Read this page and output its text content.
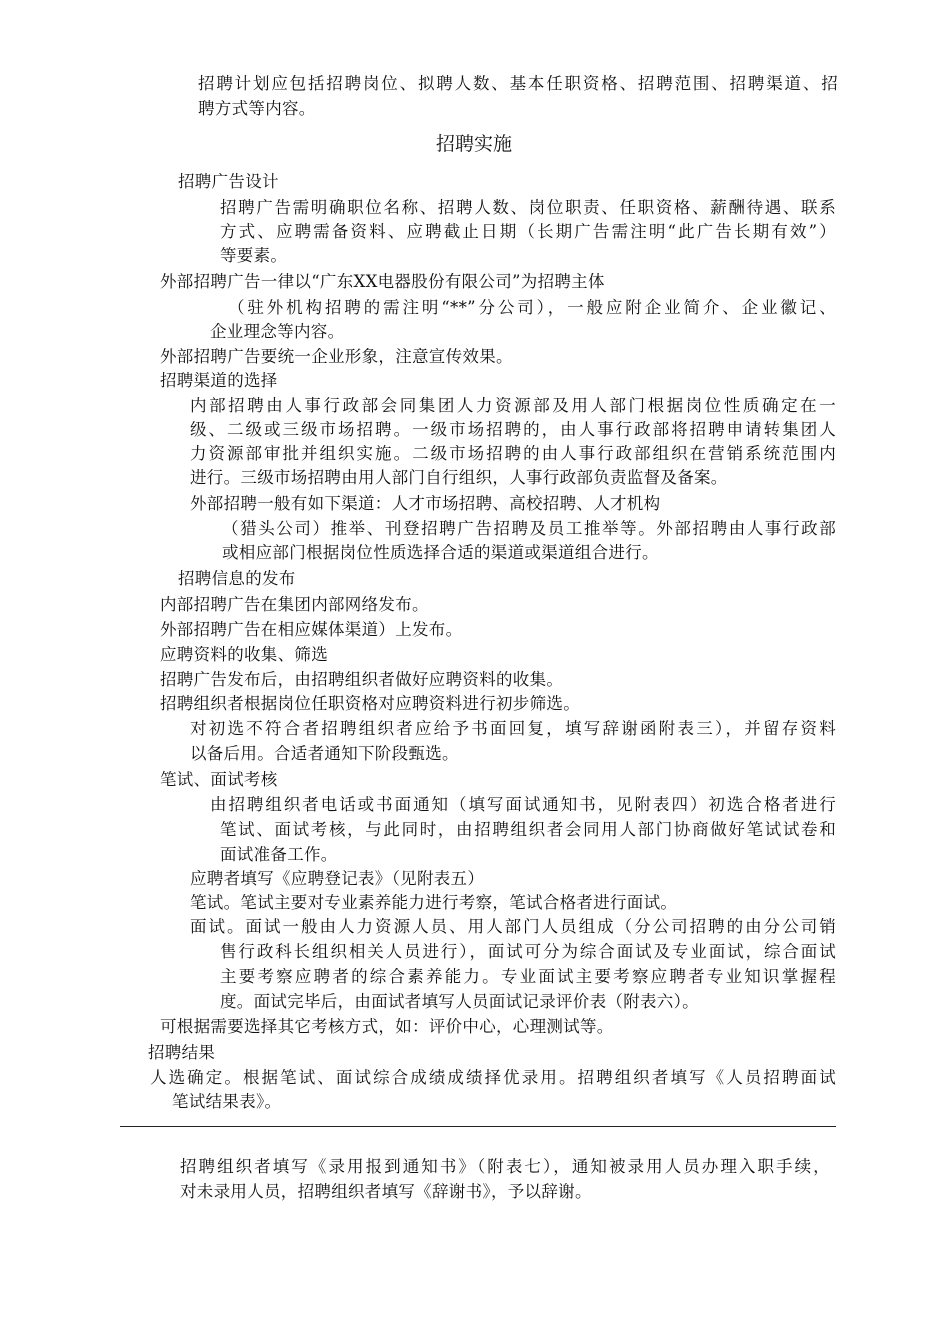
招聘计划应包括招聘岗位、拟聘人数、基本任职资格、招聘范围、招聘渠道、招
聘方式等内容。
招聘实施
招聘广告设计
招聘广告需明确职位名称、招聘人数、岗位职责、任职资格、薪酬待遇、联系
方式、应聘需备资料、应聘截止日期（长期广告需注明“此广告长期有效”）
等要素。
外部招聘广告一律以“广东XX电器股份有限公司”为招聘主体
（驻外机构招聘的需注明“**”分公司），一般应附企业简介、企业徽记、
企业理念等内容。
外部招聘广告要统一企业形象，注意宣传效果。
招聘渠道的选择
内部招聘由人事行政部会同集团人力资源部及用人部门根据岗位性质确定在一
级、二级或三级市场招聘。一级市场招聘的，由人事行政部将招聘申请转集团人
力资源部审批并组织实施。二级市场招聘的由人事行政部组织在营销系统范围内
进行。三级市场招聘由用人部门自行组织，人事行政部负责监督及备案。
外部招聘一般有如下渠道：人才市场招聘、高校招聘、人才机构
（猎头公司）推举、刊登招聘广告招聘及员工推举等。外部招聘由人事行政部
或相应部门根据岗位性质选择合适的渠道或渠道组合进行。
招聘信息的发布
内部招聘广告在集团内部网络发布。
外部招聘广告在相应媒体渠道）上发布。
应聘资料的收集、筛选
招聘广告发布后，由招聘组织者做好应聘资料的收集。
招聘组织者根据岗位任职资格对应聘资料进行初步筛选。
对初选不符合者招聘组织者应给予书面回复，填写辞谢函附表三），并留存资料
以备后用。合适者通知下阶段甄选。
笔试、面试考核
由招聘组织者电话或书面通知（填写面试通知书，见附表四）初选合格者进行
笔试、面试考核，与此同时，由招聘组织者会同用人部门协商做好笔试试卷和
面试准备工作。
应聘者填写《应聘登记表》（见附表五）
笔试。笔试主要对专业素养能力进行考察，笔试合格者进行面试。
面试。面试一般由人力资源人员、用人部门人员组成（分公司招聘的由分公司销
售行政科长组织相关人员进行），面试可分为综合面试及专业面试，综合面试
主要考察应聘者的综合素养能力。专业面试主要考察应聘者专业知识掌握程
度。面试完毕后，由面试者填写人员面试记录评价表（附表六）。
可根据需要选择其它考核方式，如：评价中心，心理测试等。
招聘结果
人选确定。根据笔试、面试综合成绩成绩择优录用。招聘组织者填写《人员招聘面试
笔试结果表》。
招聘组织者填写《录用报到通知书》（附表七），通知被录用人员办理入职手续，
对未录用人员，招聘组织者填写《辞谢书》，予以辞谢。
